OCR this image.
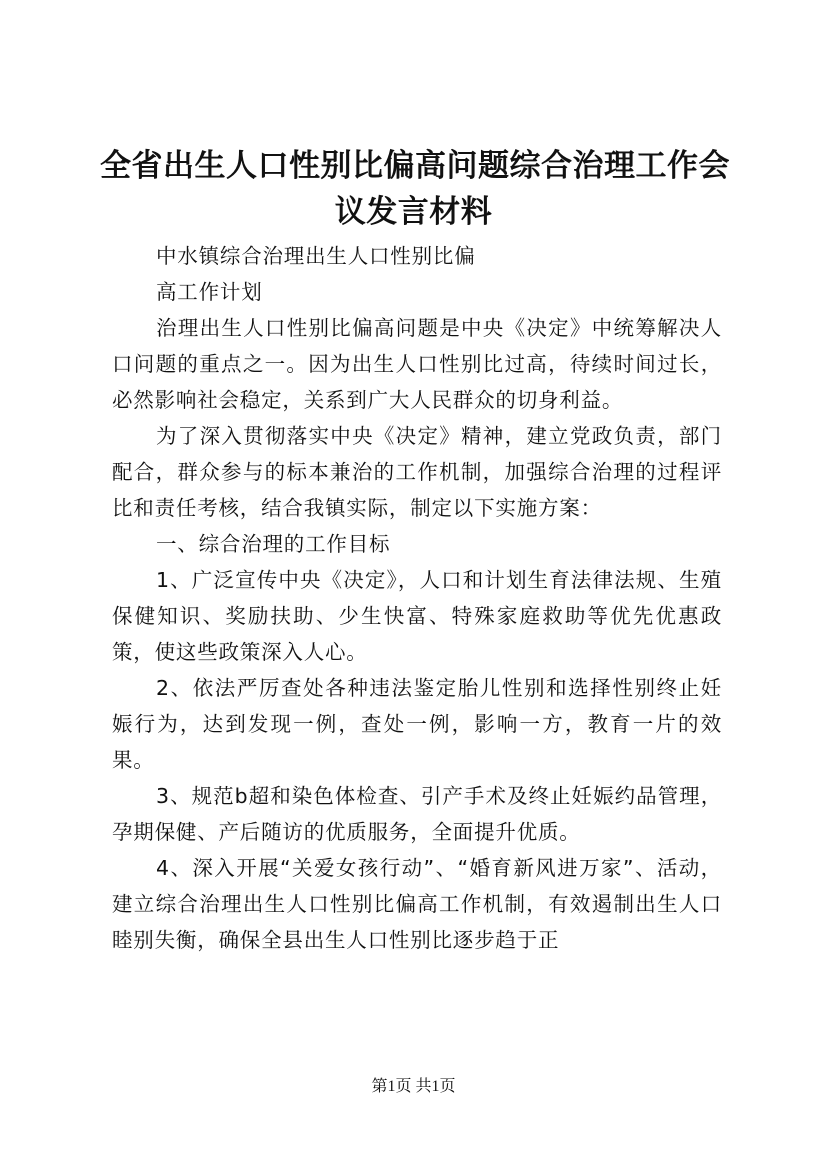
全省出生人口性别比偏高问题综合治理工作会
议发言材料

中水镇综合治理出生人口性别比偏

高工作计划

治理出生人口性别比偏高问题是中央《决定》中统筹解决人口问题的重点之一。因为出生人口性别比过高，待续时间过长，必然影响社会稳定，关系到广大人民群众的切身利益。

为了深入贯彻落实中央《决定》精神，建立党政负责，部门配合，群众参与的标本兼治的工作机制，加强综合治理的过程评比和责任考核，结合我镇实际，制定以下实施方案：

一、综合治理的工作目标

1、广泛宣传中央《决定》，人口和计划生育法律法规、生殖保健知识、奖励扶助、少生快富、特殊家庭救助等优先优惠政策，使这些政策深入人心。

2、依法严厉查处各种违法鉴定胎儿性别和选择性别终止妊娠行为，达到发现一例，查处一例，影响一方，教育一片的效果。

3、规范b超和染色体检查、引产手术及终止妊娠约品管理，孕期保健、产后随访的优质服务，全面提升优质。

4、深入开展“关爱女孩行动”、“婚育新风进万家”、活动，建立综合治理出生人口性别比偏高工作机制，有效遏制出生人口睦别失衡，确保全县出生人口性别比逐步趋于正

第1页 共1页
